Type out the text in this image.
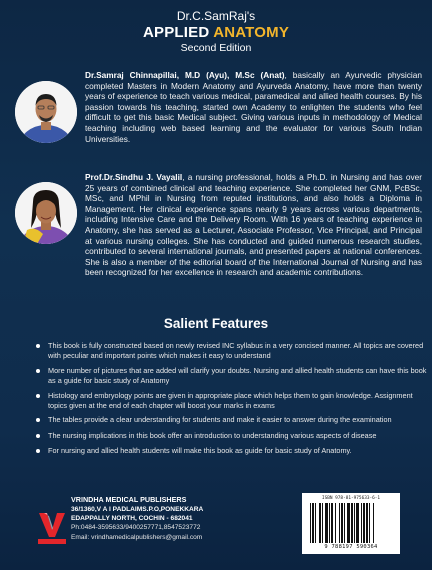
Dr.C.SamRaj's
APPLIED ANATOMY
Second Edition
Dr.Samraj Chinnapillai, M.D (Ayu), M.Sc (Anat), basically an Ayurvedic physician completed Masters in Modern Anatomy and Ayurveda Anatomy, have more than twenty years of experience to teach various medical, paramedical and allied health courses. By his passion towards his teaching, started own Academy to enlighten the students who feel difficult to get this basic Medical subject. Giving various inputs in methodology of Medical teaching including web based learning and the evaluator for various South Indian Universities.
Prof.Dr.Sindhu J. Vayalil, a nursing professional, holds a Ph.D. in Nursing and has over 25 years of combined clinical and teaching experience. She completed her GNM, PcBSc, MSc, and MPhil in Nursing from reputed institutions, and also holds a Diploma in Management. Her clinical experience spans nearly 9 years across various departments, including Intensive Care and the Delivery Room. With 16 years of teaching experience in Anatomy, she has served as a Lecturer, Associate Professor, Vice Principal, and Principal at various nursing colleges. She has conducted and guided numerous research studies, contributed to several international journals, and presented papers at national conferences. She is also a member of the editorial board of the International Journal of Nursing and has been recognized for her excellence in research and academic contributions.
Salient Features
This book is fully constructed based on newly revised INC syllabus in a very concised manner. All topics are covered with peculiar and important points which makes it easy to understand
More number of pictures that are added will clarify your doubts. Nursing and allied health students can have this book as a guide for basic study of Anatomy
Histology and embryology points are given in appropriate place which helps them to gain knowledge. Assignment topics given at the end of each chapter will boost your marks in exams
The tables provide a clear understanding for students and make it easier to answer during the examination
The nursing implications in this book offer an introduction to understanding various aspects of disease
For nursing and allied health students will make this book as guide for basic study of Anatomy.
VRINDHA MEDICAL PUBLISHERS
36/1360,V A I PADLAIMS.P.O,PONEKKARA
EDAPPALLY NORTH, COCHIN - 682041
Ph:0484-3595633/9400257771,8547523772
Email: vrindhamedicalpublishers@gmail.com
ISBN 978-81-975633-6-1
9 788197 590364
